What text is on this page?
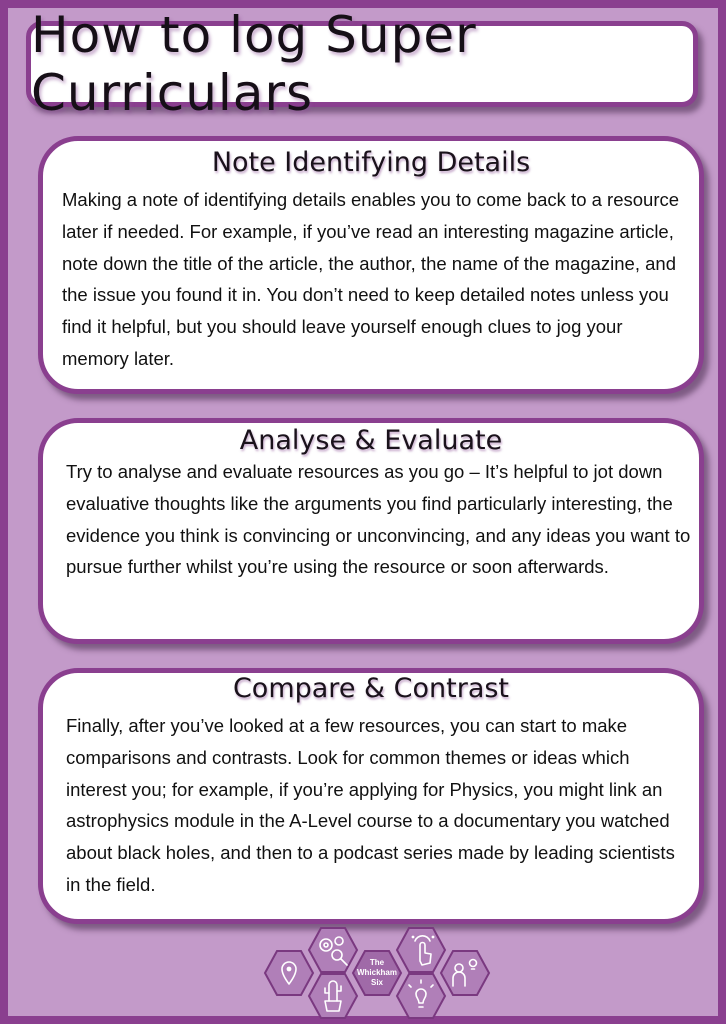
How to log Super Curriculars
Note Identifying Details

Making a note of identifying details enables you to come back to a resource later if needed. For example, if you’ve read an interesting magazine article, note down the title of the article, the author, the name of the magazine, and the issue you found it in. You don’t need to keep detailed notes unless you find it helpful, but you should leave yourself enough clues to jog your memory later.

Analyse & Evaluate

Try to analyse and evaluate resources as you go – It’s helpful to jot down evaluative thoughts like the arguments you find particularly interesting, the evidence you think is convincing or unconvincing, and any ideas you want to pursue further whilst you’re using the resource or soon afterwards.

Compare & Contrast

Finally, after you’ve looked at a few resources, you can start to make comparisons and contrasts. Look for common themes or ideas which interest you; for example, if you’re applying for Physics, you might link an astrophysics module in the A-Level course to a documentary you watched about black holes, and then to a podcast series made by leading scientists in the field.

The
Whickham
Six
